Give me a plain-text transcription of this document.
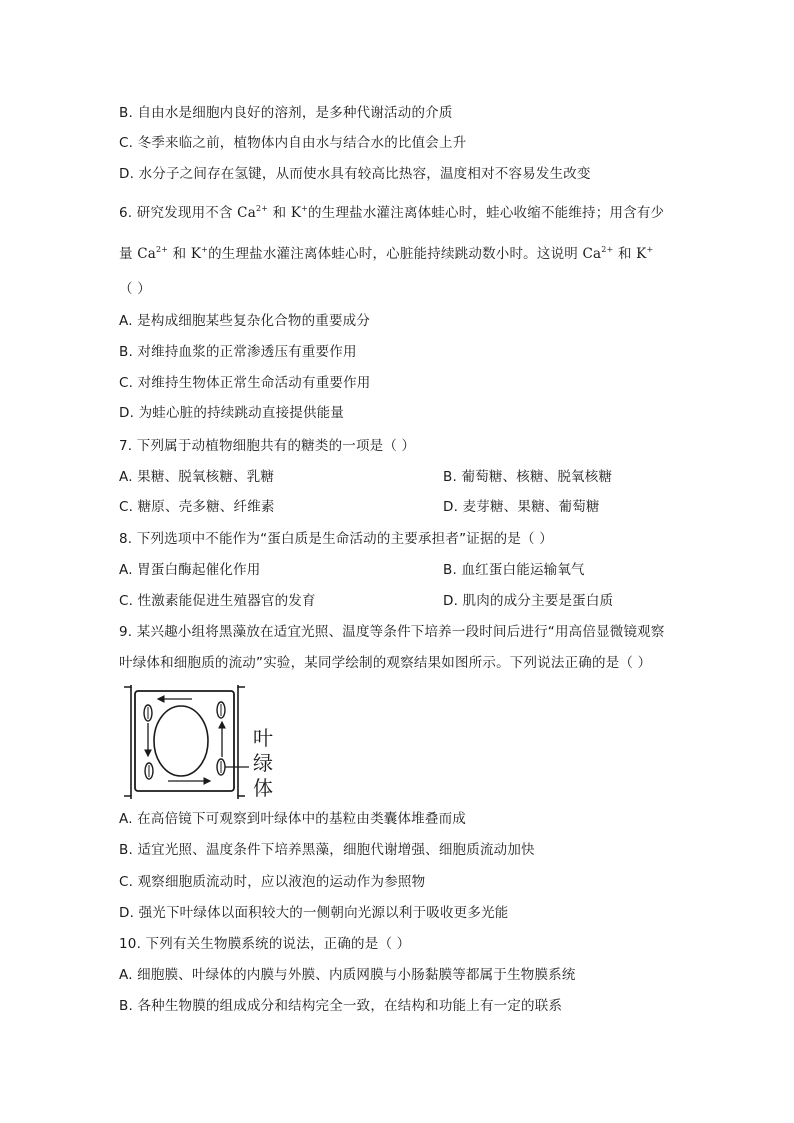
B. 自由水是细胞内良好的溶剂，是多种代谢活动的介质
C. 冬季来临之前，植物体内自由水与结合水的比值会上升
D. 水分子之间存在氢键，从而使水具有较高比热容，温度相对不容易发生改变
6. 研究发现用不含 $Ca^{2+}$ 和 K+的生理盐水灌注离体蛙心时，蛙心收缩不能维持；用含有少
量 $Ca^{2+}$ 和 K+的生理盐水灌注离体蛙心时，心脏能持续跳动数小时。这说明 $Ca^{2+}$ 和 K+
（ ）
A. 是构成细胞某些复杂化合物的重要成分
B. 对维持血浆的正常渗透压有重要作用
C. 对维持生物体正常生命活动有重要作用
D. 为蛙心脏的持续跳动直接提供能量
7. 下列属于动植物细胞共有的糖类的一项是（ ）
A. 果糖、脱氧核糖、乳糖	B. 葡萄糖、核糖、脱氧核糖
C. 糖原、壳多糖、纤维素	D. 麦芽糖、果糖、葡萄糖
8. 下列选项中不能作为“蛋白质是生命活动的主要承担者”证据的是（ ）
A. 胃蛋白酶起催化作用	B. 血红蛋白能运输氧气
C. 性激素能促进生殖器官的发育	D. 肌肉的成分主要是蛋白质
9. 某兴趣小组将黑藻放在适宜光照、温度等条件下培养一段时间后进行“用高倍显微镜观察
叶绿体和细胞质的流动”实验，某同学绘制的观察结果如图所示。下列说法正确的是（ ）
叶
绿
体
A. 在高倍镜下可观察到叶绿体中的基粒由类囊体堆叠而成
B. 适宜光照、温度条件下培养黑藻，细胞代谢增强、细胞质流动加快
C. 观察细胞质流动时，应以液泡的运动作为参照物
D. 强光下叶绿体以面积较大的一侧朝向光源以利于吸收更多光能
10. 下列有关生物膜系统的说法，正确的是（ ）
A. 细胞膜、叶绿体的内膜与外膜、内质网膜与小肠黏膜等都属于生物膜系统
B. 各种生物膜的组成成分和结构完全一致，在结构和功能上有一定的联系
